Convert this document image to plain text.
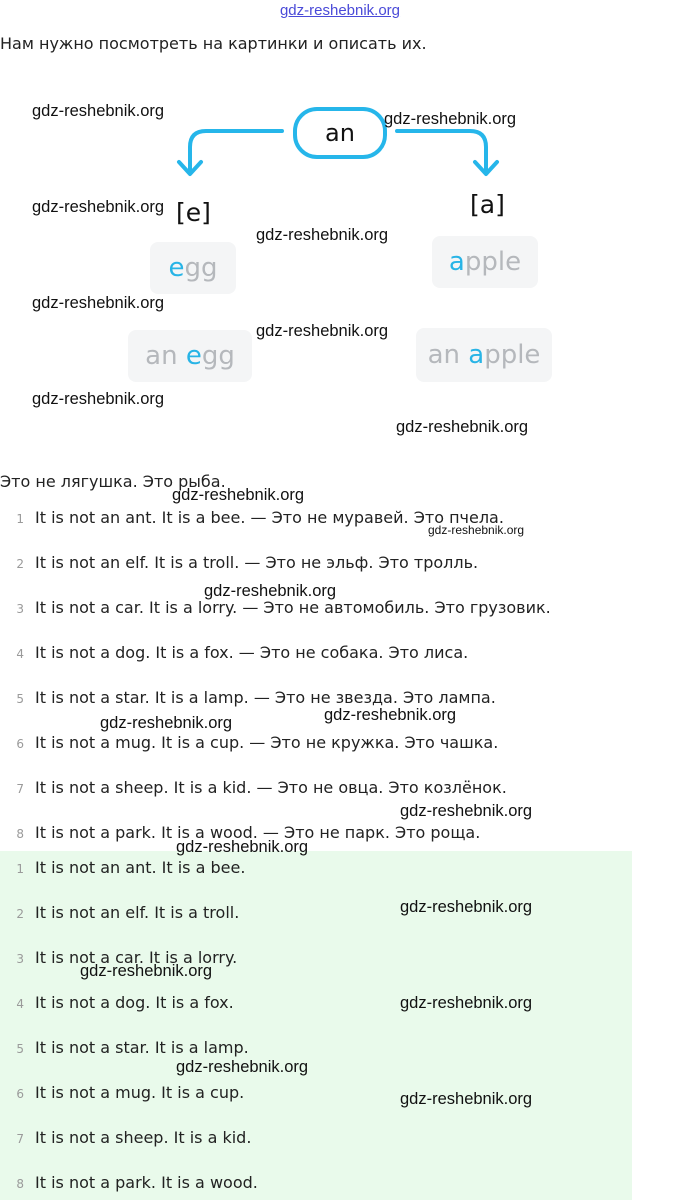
gdz-reshebnik.org
Нам нужно посмотреть на картинки и описать их.
an
[e]	[a]
egg	apple
an egg	an apple
Это не лягушка. Это рыба.
1 It is not an ant. It is a bee. — Это не муравей. Это пчела.
2 It is not an elf. It is a troll. — Это не эльф. Это тролль.
3 It is not a car. It is a lorry. — Это не автомобиль. Это грузовик.
4 It is not a dog. It is a fox. — Это не собака. Это лиса.
5 It is not a star. It is a lamp. — Это не звезда. Это лампа.
6 It is not a mug. It is a cup. — Это не кружка. Это чашка.
7 It is not a sheep. It is a kid. — Это не овца. Это козлёнок.
8 It is not a park. It is a wood. — Это не парк. Это роща.
1 It is not an ant. It is a bee.
2 It is not an elf. It is a troll.
3 It is not a car. It is a lorry.
4 It is not a dog. It is a fox.
5 It is not a star. It is a lamp.
6 It is not a mug. It is a cup.
7 It is not a sheep. It is a kid.
8 It is not a park. It is a wood.
gdz-reshebnik.org	gdz-reshebnik.org
gdz-reshebnik.org
gdz-reshebnik.org
gdz-reshebnik.org
gdz-reshebnik.org
gdz-reshebnik.org
gdz-reshebnik.org
gdz-reshebnik.org
gdz-reshebnik.org
gdz-reshebnik.org
gdz-reshebnik.org
gdz-reshebnik.org
gdz-reshebnik.org
gdz-reshebnik.org
gdz-reshebnik.org
gdz-reshebnik.org
gdz-reshebnik.org
gdz-reshebnik.org
gdz-reshebnik.org
